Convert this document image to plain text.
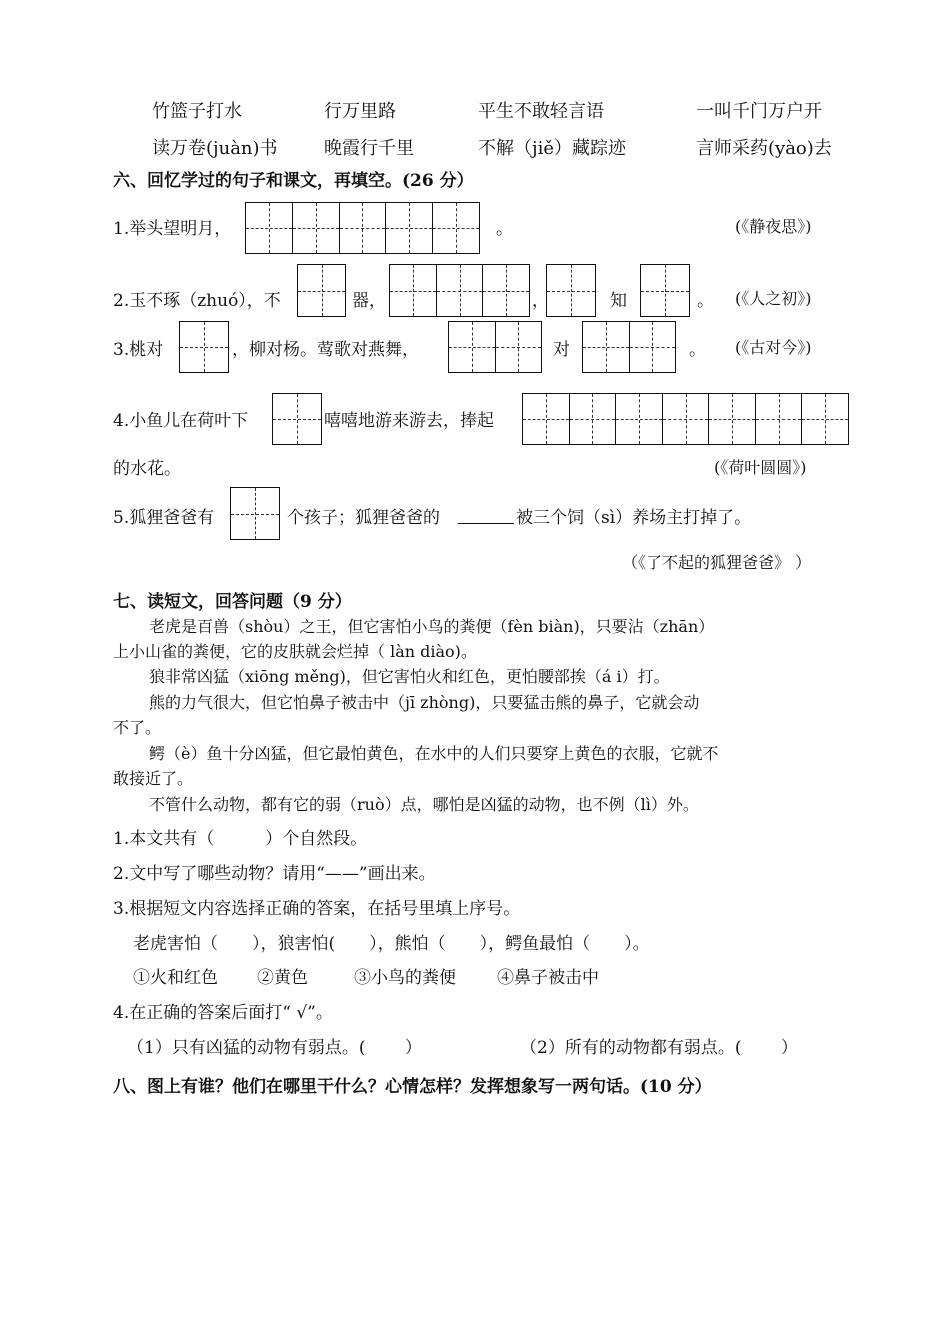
竹篮子打水	行万里路	平生不敢轻言语	一叫千门万户开
读万卷(juàn)书	晚霞行千里	不解（jiě）藏踪迹	言师采药(yào)去
六、回忆学过的句子和课文，再填空。(26 分）
1.举头望明月，	。	(《静夜思》)
2.玉不琢（zhuó），不	器，	，	知	。 (《人之初》)
3.桃对	，柳对杨。莺歌对燕舞，	对	。 (《古对今》)
4.小鱼儿在荷叶下	嘻嘻地游来游去，捧起
的水花。	(《荷叶圆圆》)
5.狐狸爸爸有	个孩子；狐狸爸爸的	被三个饲（sì）养场主打掉了。
（《了不起的狐狸爸爸》 ）
七、读短文，回答问题（9 分）
老虎是百兽（shòu）之王，但它害怕小鸟的粪便（fèn biàn)，只要沾（zhān）
上小山雀的粪便，它的皮肤就会烂掉（ làn diào)。
狼非常凶猛（xiōng měng)，但它害怕火和红色，更怕腰部挨（á i）打。
熊的力气很大，但它怕鼻子被击中（jī zhòng)，只要猛击熊的鼻子，它就会动
不了。
鳄（è）鱼十分凶猛，但它最怕黄色，在水中的人们只要穿上黄色的衣服，它就不
敢接近了。
不管什么动物，都有它的弱（ruò）点，哪怕是凶猛的动物，也不例（lì）外。
1.本文共有（　　　）个自然段。
2.文中写了哪些动物？请用“——”画出来。
3.根据短文内容选择正确的答案，在括号里填上序号。
老虎害怕（　　），狼害怕(　　），熊怕（　　），鳄鱼最怕（　　）。
①火和红色 ②黄色	③小鸟的粪便 ④鼻子被击中
4.在正确的答案后面打“ √”。
（1）只有凶猛的动物有弱点。(　　 ）	（2）所有的动物都有弱点。(　　 ）
八、图上有谁？他们在哪里干什么？心情怎样？发挥想象写一两句话。(10 分）
